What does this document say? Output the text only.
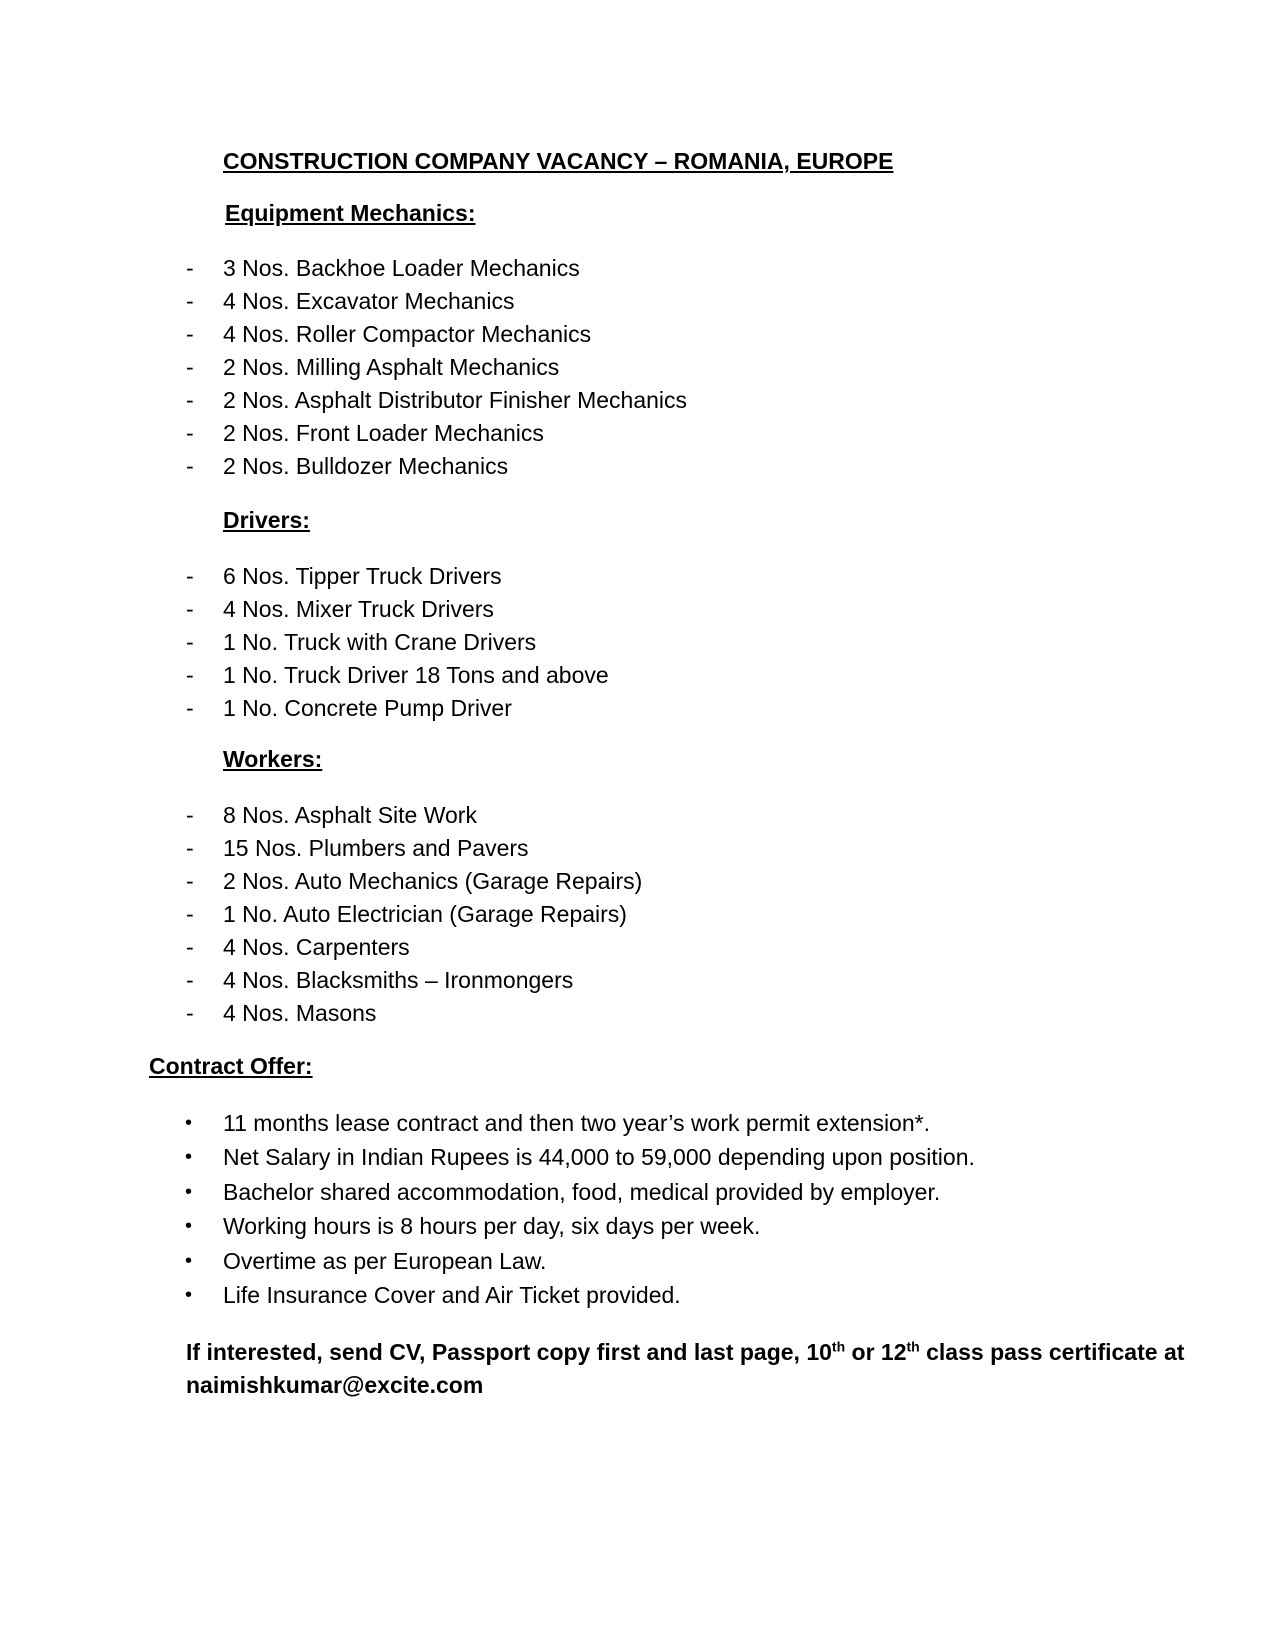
CONSTRUCTION COMPANY VACANCY – ROMANIA, EUROPE
Equipment Mechanics:
- 3 Nos. Backhoe Loader Mechanics
- 4 Nos. Excavator Mechanics
- 4 Nos. Roller Compactor Mechanics
- 2 Nos. Milling Asphalt Mechanics
- 2 Nos. Asphalt Distributor Finisher Mechanics
- 2 Nos. Front Loader Mechanics
- 2 Nos. Bulldozer Mechanics
Drivers:
- 6 Nos. Tipper Truck Drivers
- 4 Nos. Mixer Truck Drivers
- 1 No. Truck with Crane Drivers
- 1 No. Truck Driver 18 Tons and above
- 1 No. Concrete Pump Driver
Workers:
- 8 Nos. Asphalt Site Work
- 15 Nos. Plumbers and Pavers
- 2 Nos. Auto Mechanics (Garage Repairs)
- 1 No. Auto Electrician (Garage Repairs)
- 4 Nos. Carpenters
- 4 Nos. Blacksmiths – Ironmongers
- 4 Nos. Masons
Contract Offer:
• 11 months lease contract and then two year’s work permit extension*.
• Net Salary in Indian Rupees is 44,000 to 59,000 depending upon position.
• Bachelor shared accommodation, food, medical provided by employer.
• Working hours is 8 hours per day, six days per week.
• Overtime as per European Law.
• Life Insurance Cover and Air Ticket provided.
If interested, send CV, Passport copy first and last page, 10th or 12th class pass certificate at naimishkumar@excite.com
